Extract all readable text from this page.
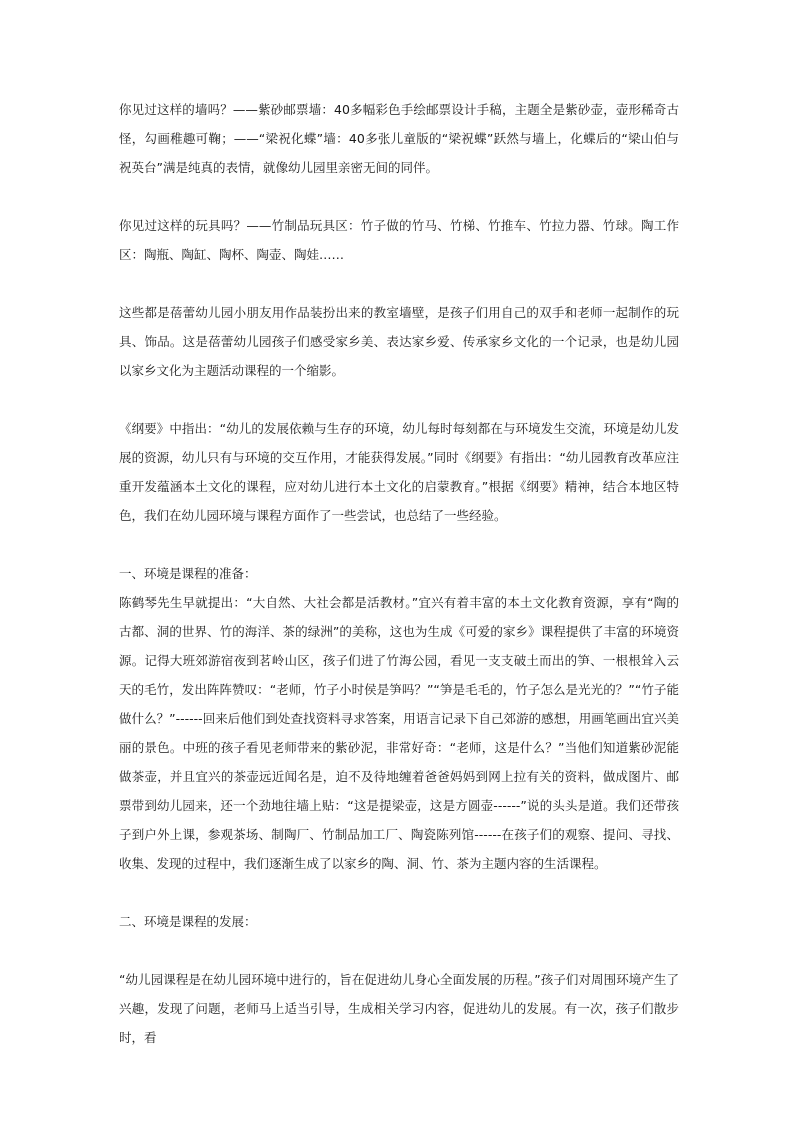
你见过这样的墙吗？——紫砂邮票墙：40多幅彩色手绘邮票设计手稿，主题全是紫砂壶，壶形稀奇古怪，勾画稚趣可鞠；——“梁祝化蝶”墙：40多张儿童版的“梁祝蝶”跃然与墙上，化蝶后的“梁山伯与祝英台”满是纯真的表情，就像幼儿园里亲密无间的同伴。

你见过这样的玩具吗？——竹制品玩具区：竹子做的竹马、竹梯、竹推车、竹拉力器、竹球。陶工作区：陶瓶、陶缸、陶杯、陶壶、陶娃……

这些都是蓓蕾幼儿园小朋友用作品装扮出来的教室墙壁，是孩子们用自己的双手和老师一起制作的玩具、饰品。这是蓓蕾幼儿园孩子们感受家乡美、表达家乡爱、传承家乡文化的一个记录，也是幼儿园以家乡文化为主题活动课程的一个缩影。

《纲要》中指出：“幼儿的发展依赖与生存的环境，幼儿每时每刻都在与环境发生交流，环境是幼儿发展的资源，幼儿只有与环境的交互作用，才能获得发展。”同时《纲要》有指出：“幼儿园教育改革应注重开发蕴涵本土文化的课程，应对幼儿进行本土文化的启蒙教育。”根据《纲要》精神，结合本地区特色，我们在幼儿园环境与课程方面作了一些尝试，也总结了一些经验。

一、环境是课程的准备：

陈鹤琴先生早就提出：“大自然、大社会都是活教材。”宜兴有着丰富的本土文化教育资源，享有“陶的古都、洞的世界、竹的海洋、茶的绿洲”的美称，这也为生成《可爱的家乡》课程提供了丰富的环境资源。记得大班郊游宿夜到茗岭山区，孩子们进了竹海公园，看见一支支破土而出的笋、一根根耸入云天的毛竹，发出阵阵赞叹：“老师，竹子小时侯是笋吗？”“笋是毛毛的，竹子怎么是光光的？”“竹子能做什么？”------回来后他们到处查找资料寻求答案，用语言记录下自己郊游的感想，用画笔画出宜兴美丽的景色。中班的孩子看见老师带来的紫砂泥，非常好奇：“老师，这是什么？”当他们知道紫砂泥能做茶壶，并且宜兴的茶壶远近闻名是，迫不及待地缠着爸爸妈妈到网上拉有关的资料，做成图片、邮票带到幼儿园来，还一个劲地往墙上贴：“这是提梁壶，这是方圆壶------”说的头头是道。我们还带孩子到户外上课，参观茶场、制陶厂、竹制品加工厂、陶瓷陈列馆------在孩子们的观察、提问、寻找、收集、发现的过程中，我们逐渐生成了以家乡的陶、洞、竹、茶为主题内容的生活课程。

二、环境是课程的发展：

“幼儿园课程是在幼儿园环境中进行的，旨在促进幼儿身心全面发展的历程。”孩子们对周围环境产生了兴趣，发现了问题，老师马上适当引导，生成相关学习内容，促进幼儿的发展。有一次，孩子们散步时，看
